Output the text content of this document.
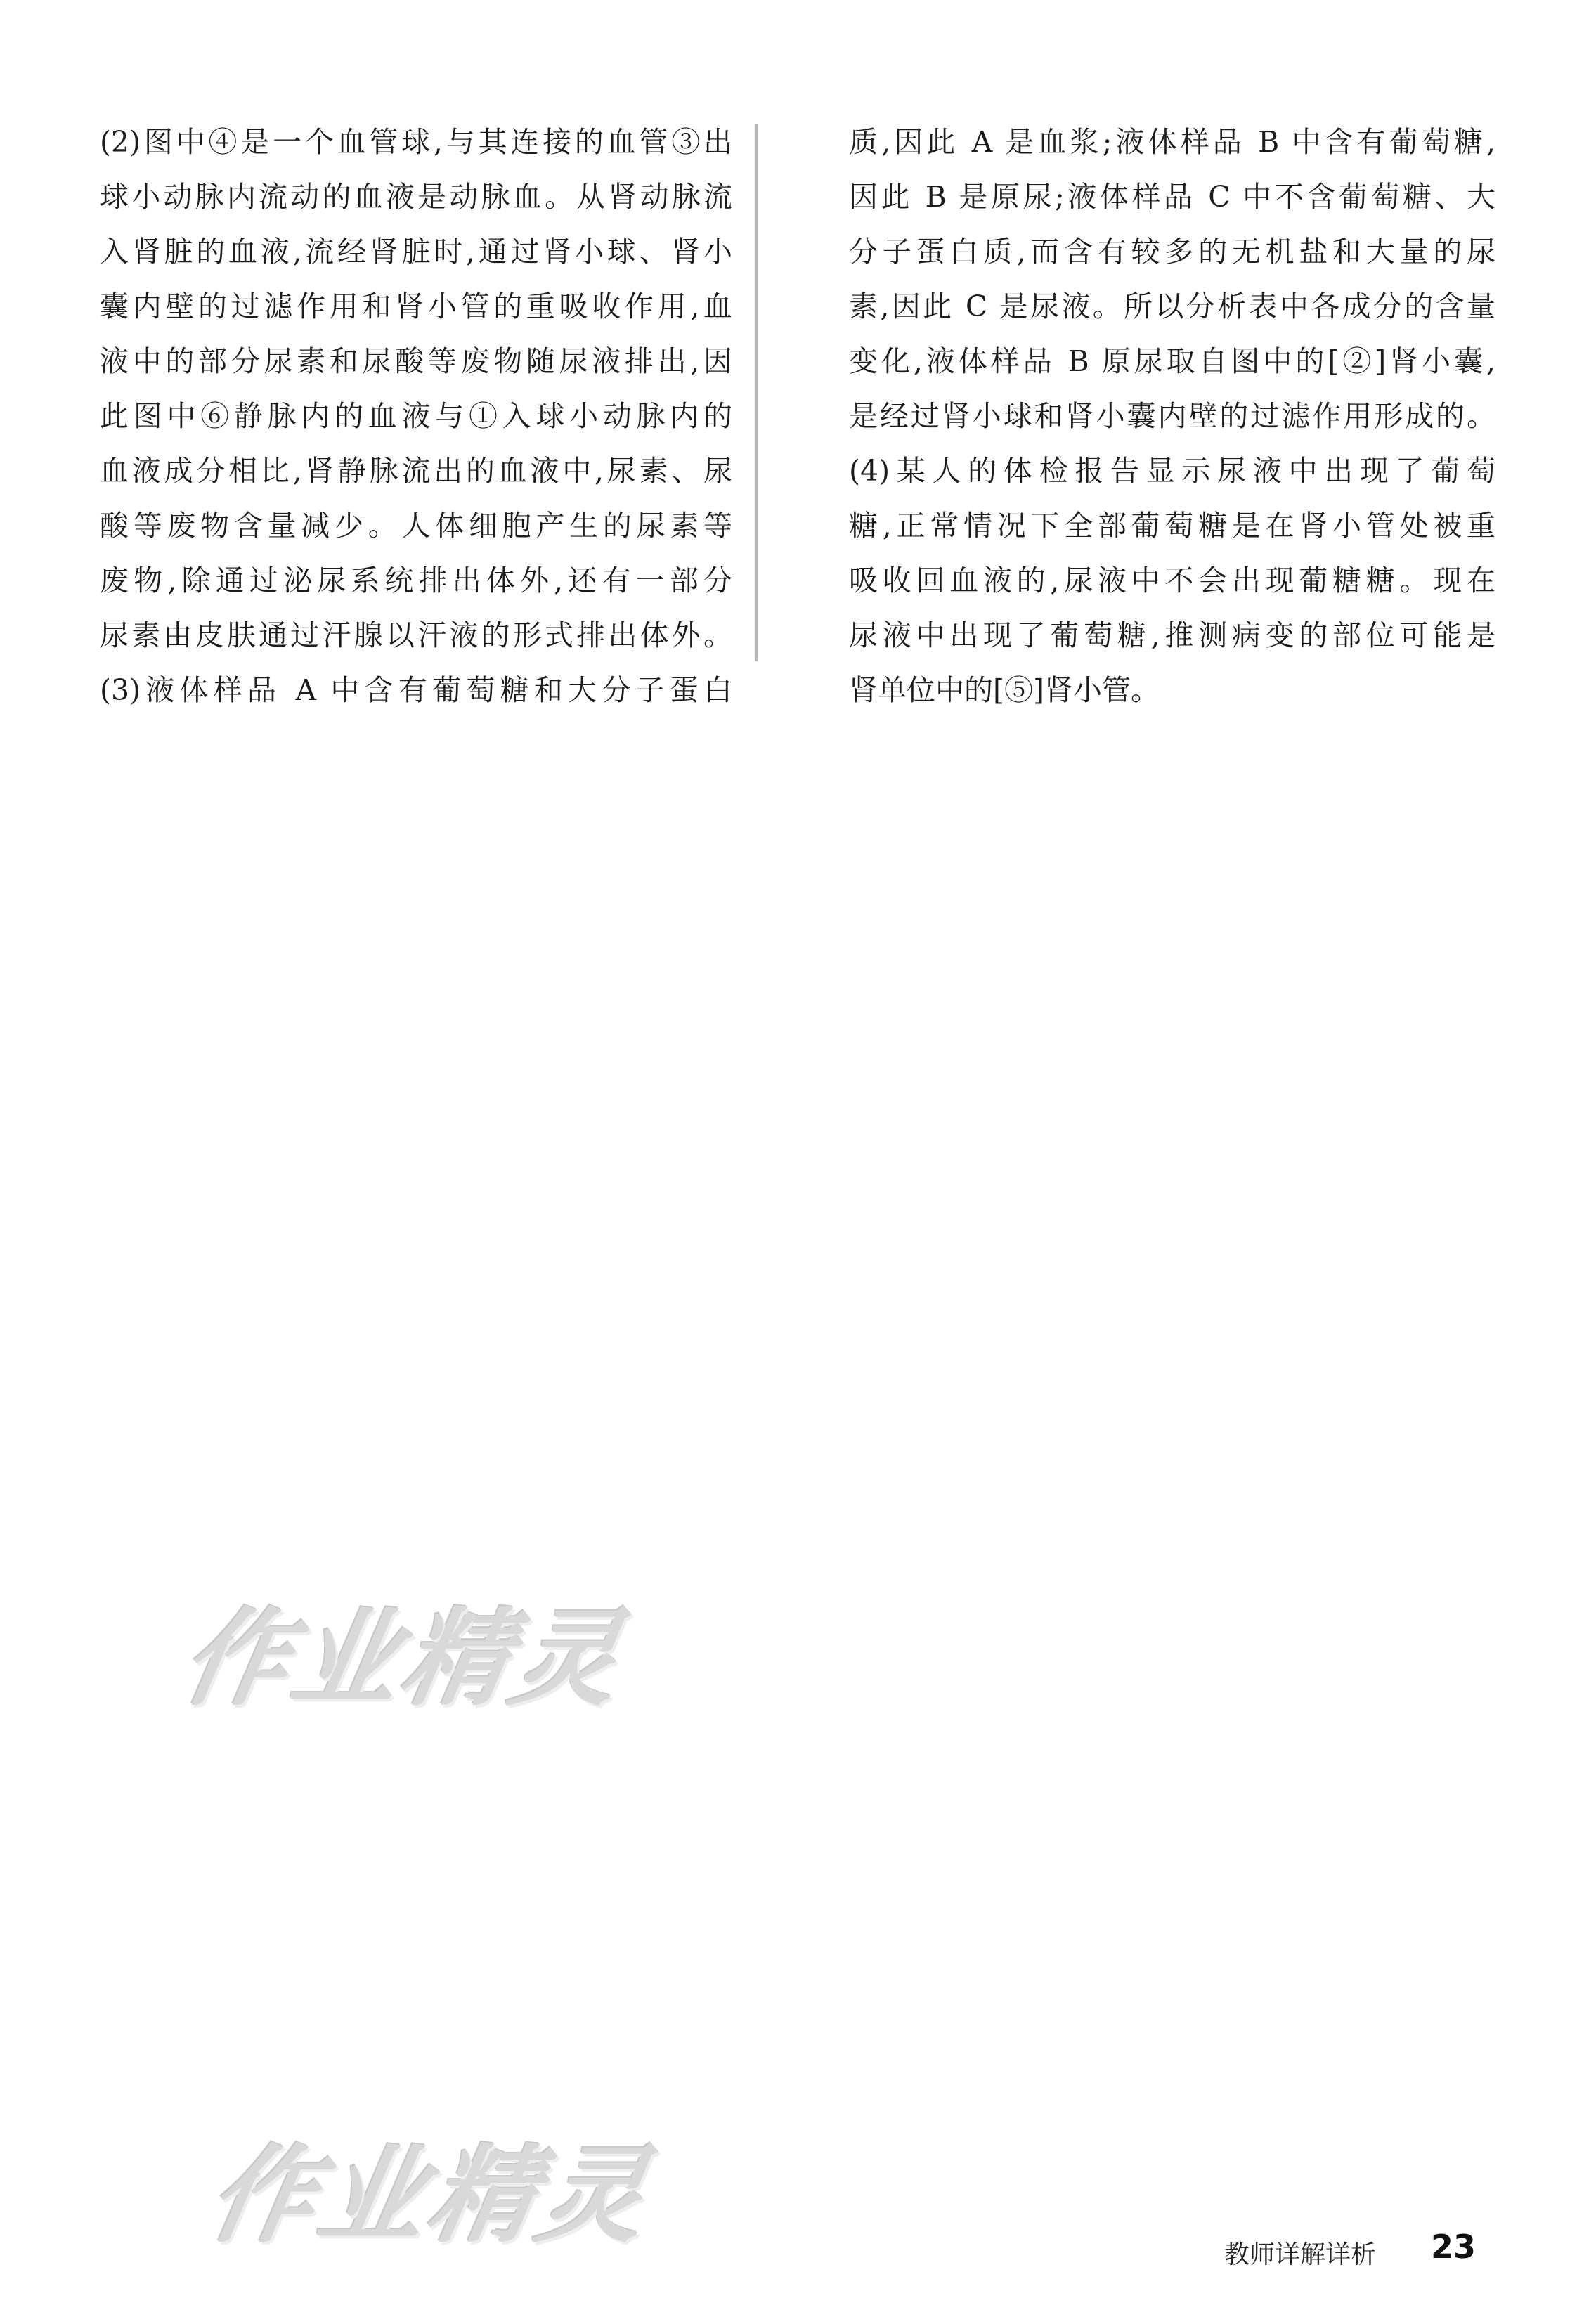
(2)图中④是一个血管球,与其连接的血管③出
球小动脉内流动的血液是动脉血。从肾动脉流
入肾脏的血液,流经肾脏时,通过肾小球、肾小
囊内壁的过滤作用和肾小管的重吸收作用,血
液中的部分尿素和尿酸等废物随尿液排出,因
此图中⑥静脉内的血液与①入球小动脉内的
血液成分相比,肾静脉流出的血液中,尿素、尿
酸等废物含量减少。人体细胞产生的尿素等
废物,除通过泌尿系统排出体外,还有一部分
尿素由皮肤通过汗腺以汗液的形式排出体外。
(3)液体样品 A 中含有葡萄糖和大分子蛋白
质,因此 A 是血浆;液体样品 B 中含有葡萄糖,
因此 B 是原尿;液体样品 C 中不含葡萄糖、大
分子蛋白质,而含有较多的无机盐和大量的尿
素,因此 C 是尿液。所以分析表中各成分的含量
变化,液体样品 B 原尿取自图中的[②]肾小囊,
是经过肾小球和肾小囊内壁的过滤作用形成的。
(4)某人的体检报告显示尿液中出现了葡萄
糖,正常情况下全部葡萄糖是在肾小管处被重
吸收回血液的,尿液中不会出现葡糖糖。现在
尿液中出现了葡萄糖,推测病变的部位可能是
肾单位中的[⑤]肾小管。
作业精灵
作业精灵	教师详解详析 23
